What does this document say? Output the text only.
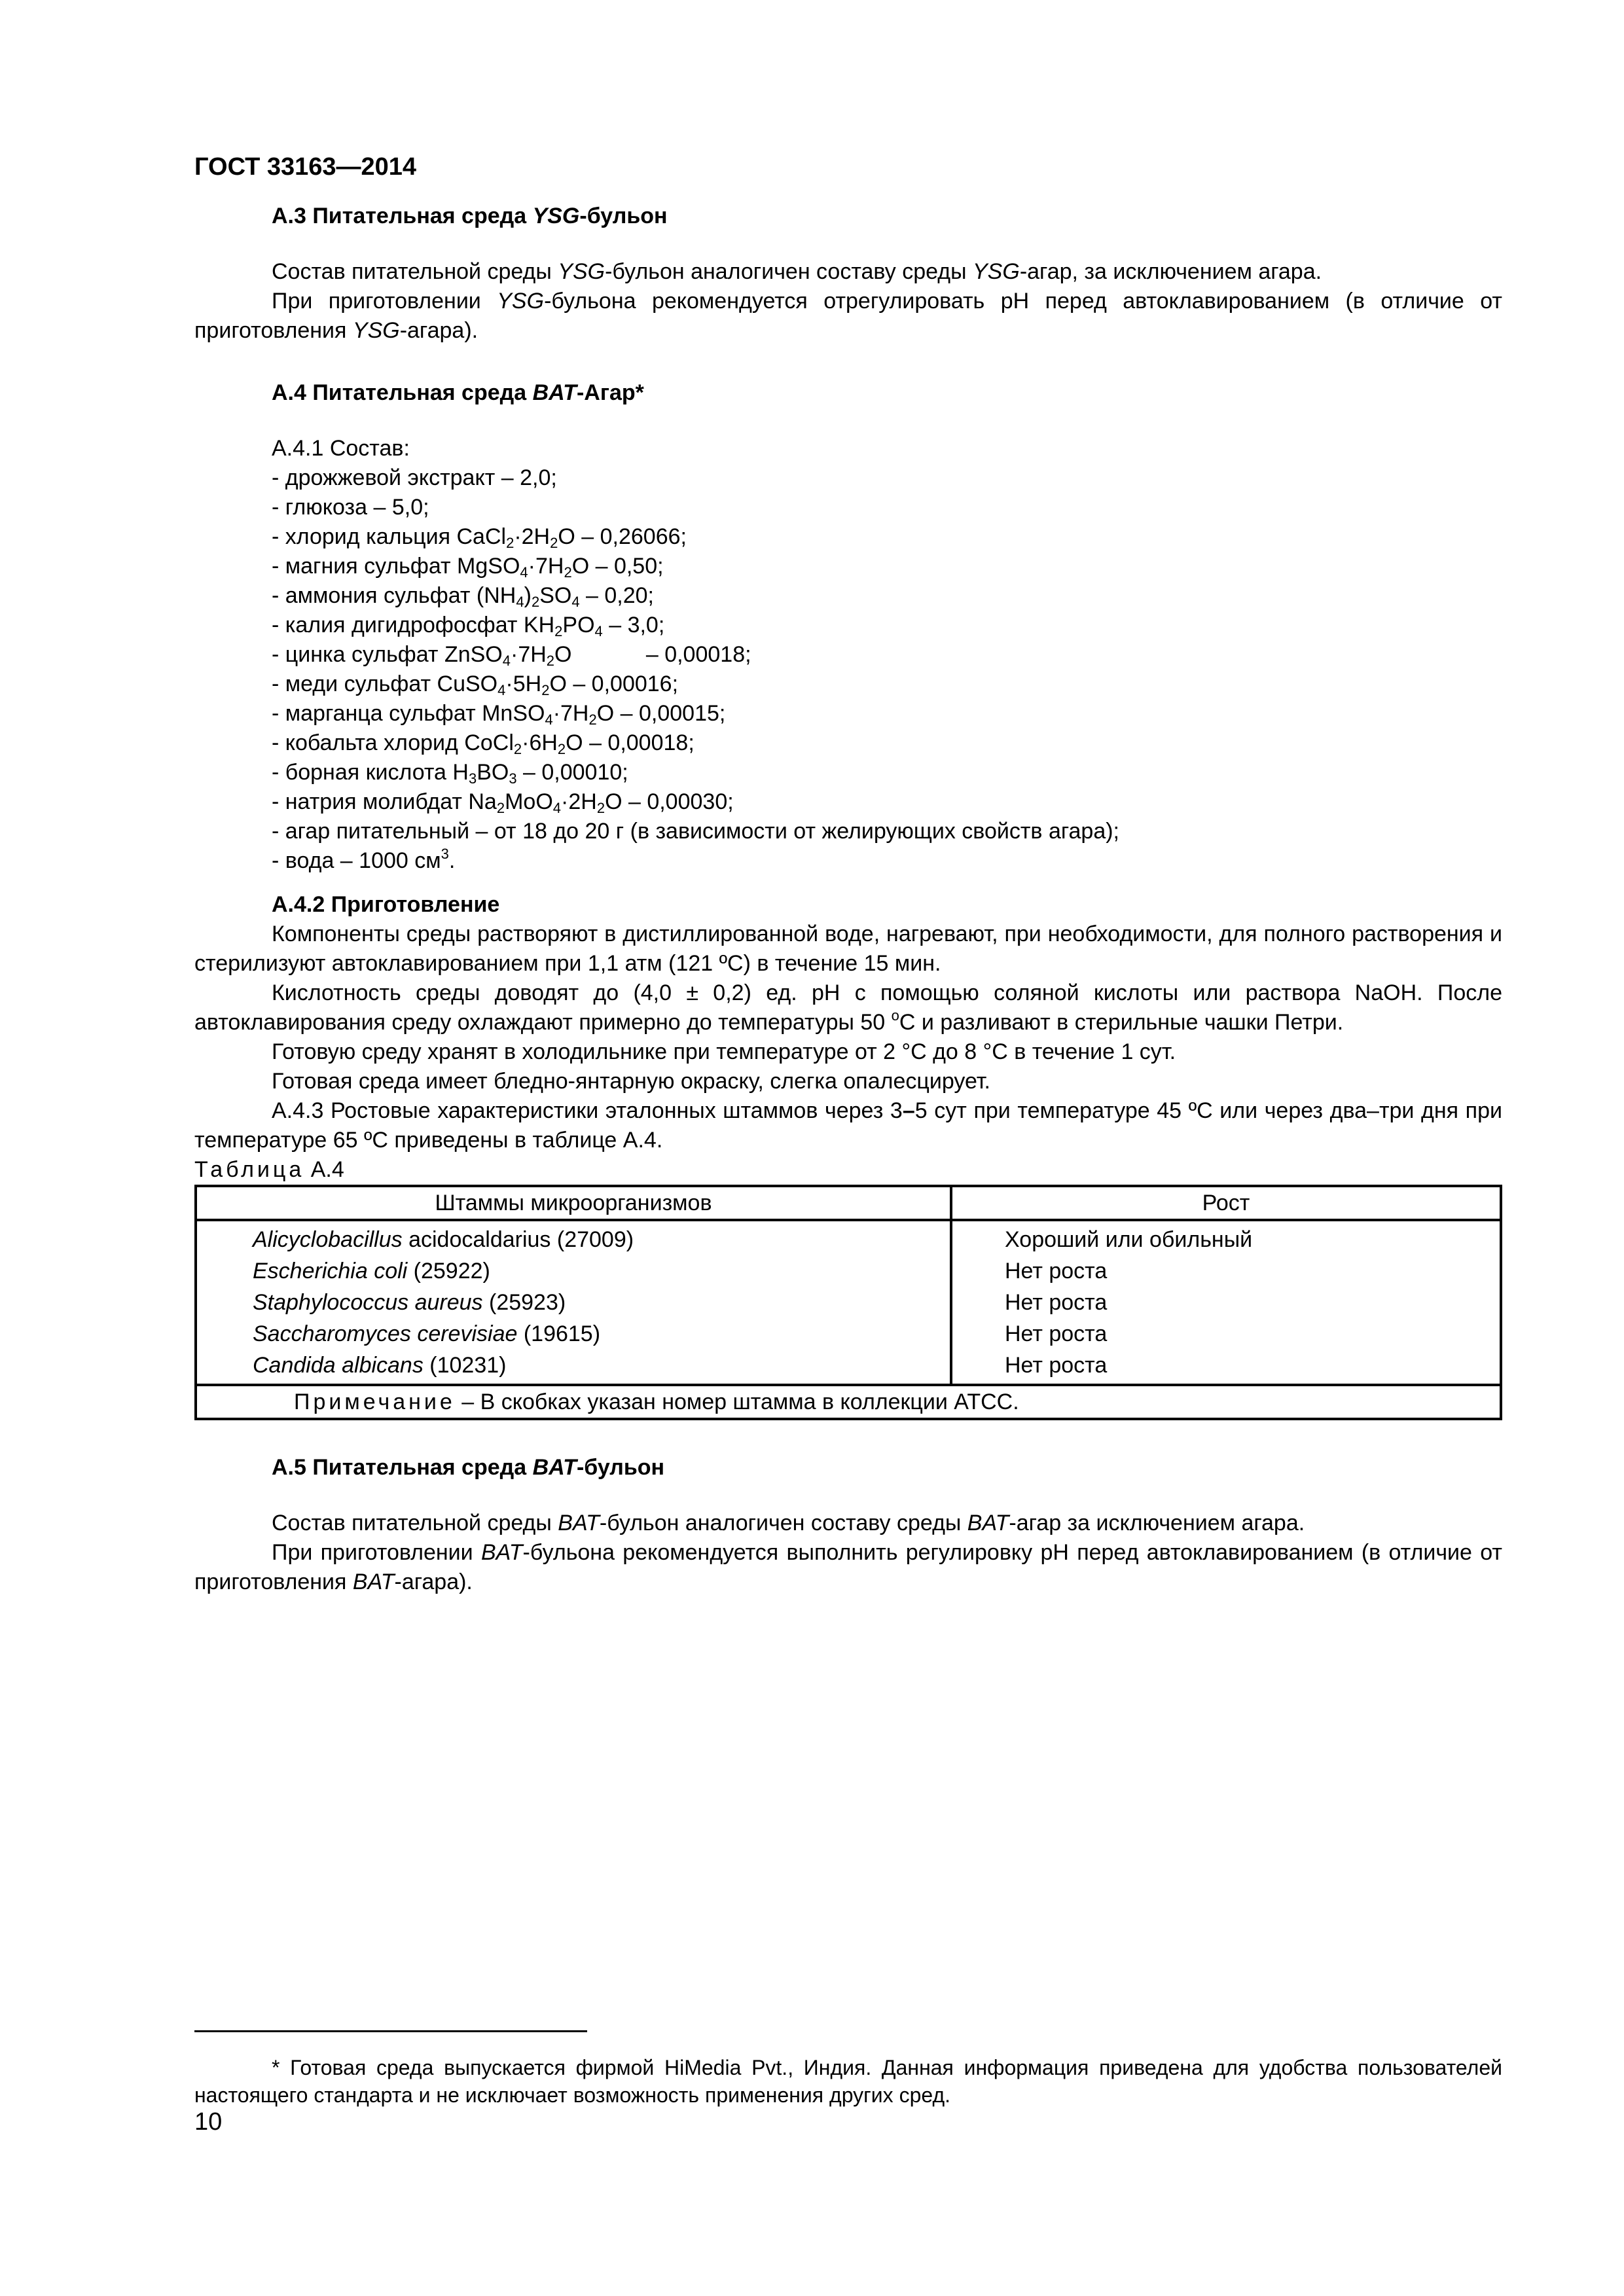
ГОСТ 33163—2014
А.3 Питательная среда YSG-бульон
Состав питательной среды YSG-бульон аналогичен составу среды YSG-агар, за исключением агара.
При приготовлении YSG-бульона рекомендуется отрегулировать pH перед автоклавированием (в отличие от приготовления YSG-агара).
А.4 Питательная среда BAT-Агар*
А.4.1 Состав:
- дрожжевой экстракт – 2,0;
- глюкоза – 5,0;
- хлорид кальция $CaCl_2\cdot 2H_2O - 0,26066$;
- магния сульфат $MgSO_4\cdot 7H_2O - 0,50$;
- аммония сульфат $(NH_4)_2SO_4 - 0,20$;
- калия дигидрофосфат $KH_2PO_4 - 3,0$;
- цинка сульфат $ZnSO_4\cdot 7H_2O$            – 0,00018;
- меди сульфат $CuSO_4\cdot 5H_2O - 0,00016$;
- марганца сульфат $MnSO_4\cdot 7H_2O - 0,00015$;
- кобальта хлорид $CoCl_2\cdot 6H_2O - 0,00018$;
- борная кислота $H_3BO_3 - 0,00010$;
- натрия молибдат $Na_2MoO_4\cdot 2H_2O - 0,00030$;
- агар питательный – от 18 до 20 г (в зависимости от желирующих свойств агара);
- вода – 1000 $см^3$.
А.4.2 Приготовление
Компоненты среды растворяют в дистиллированной воде, нагревают, при необходимости, для полного растворения и стерилизуют автоклавированием при 1,1 атм (121 ºС) в течение 15 мин.
Кислотность среды доводят до (4,0 ± 0,2) ед. pH с помощью соляной кислоты или раствора NaOH. После автоклавирования среду охлаждают примерно до температуры 50 $^о$С и разливают в стерильные чашки Петри.
Готовую среду хранят в холодильнике при температуре от 2 °С до 8 °С в течение 1 сут.
Готовая среда имеет бледно-янтарную окраску, слегка опалесцирует.
А.4.3 Ростовые характеристики эталонных штаммов через 3–5 сут при температуре 45 ºС или через два–три дня при температуре 65 ºС приведены в таблице А.4.
Таблица А.4
Штаммы микроорганизмов	Рост
Alicyclobacillus acidocaldarius (27009)	Хороший или обильный
Escherichia coli (25922)	Нет роста
Staphylococcus aureus (25923)	Нет роста
Saccharomyces cerevisiae (19615)	Нет роста
Candida albicans (10231)	Нет роста
Примечание – В скобках указан номер штамма в коллекции АТСС.	
А.5 Питательная среда BAT-бульон
Состав питательной среды BAT-бульон аналогичен составу среды BAT-агар за исключением агара.
При приготовлении BAT-бульона рекомендуется выполнить регулировку pH перед автоклавированием (в отличие от приготовления BAT-агара).
* Готовая среда выпускается фирмой HiMedia Pvt., Индия. Данная информация приведена для удобства пользователей настоящего стандарта и не исключает возможность применения других сред.
10
